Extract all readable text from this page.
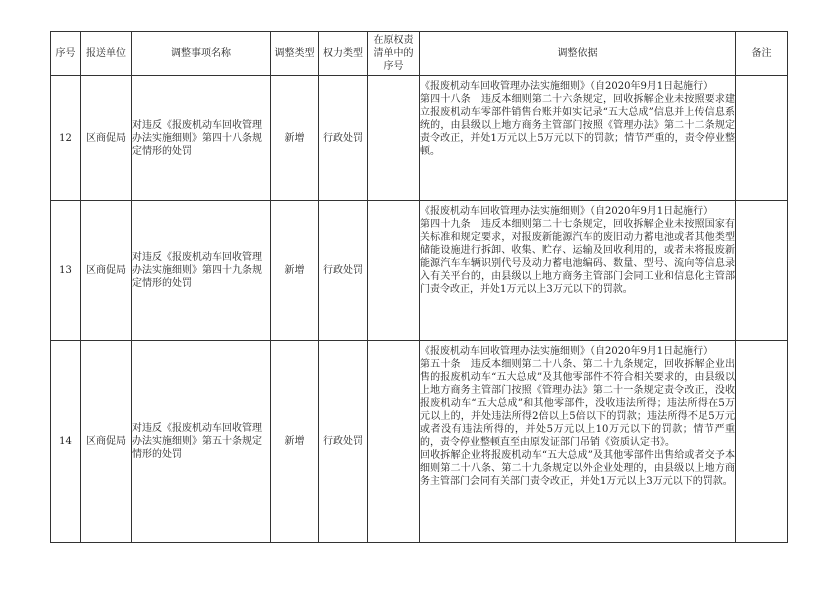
序号	报送单位	调整事项名称	调整类型	权力类型	在原权责清单中的序号	调整依据	备注
12	区商促局	对违反《报废机动车回收管理办法实施细则》第四十八条规定情形的处罚	新增	行政处罚		《报废机动车回收管理办法实施细则》（自2020年9月1日起施行）

第四十八条　违反本细则第二十六条规定，回收拆解企业未按照要求建立报废机动车零部件销售台账并如实记录“五大总成”信息并上传信息系统的，由县级以上地方商务主管部门按照《管理办法》第二十二条规定责令改正，并处1万元以上5万元以下的罚款；情节严重的，责令停业整顿。	

13	区商促局	对违反《报废机动车回收管理办法实施细则》第四十九条规定情形的处罚	新增	行政处罚		《报废机动车回收管理办法实施细则》（自2020年9月1日起施行）

第四十九条　违反本细则第二十七条规定，回收拆解企业未按照国家有关标准和规定要求，对报废新能源汽车的废旧动力蓄电池或者其他类型储能设施进行拆卸、收集、贮存、运输及回收利用的，或者未将报废新能源汽车车辆识别代号及动力蓄电池编码、数量、型号、流向等信息录入有关平台的，由县级以上地方商务主管部门会同工业和信息化主管部门责令改正，并处1万元以上3万元以下的罚款。	

14	区商促局	对违反《报废机动车回收管理办法实施细则》第五十条规定情形的处罚	新增	行政处罚		《报废机动车回收管理办法实施细则》（自2020年9月1日起施行）

第五十条　违反本细则第二十八条、第二十九条规定，回收拆解企业出售的报废机动车“五大总成”及其他零部件不符合相关要求的，由县级以上地方商务主管部门按照《管理办法》第二十一条规定责令改正，没收报废机动车“五大总成”和其他零部件，没收违法所得；违法所得在5万元以上的，并处违法所得2倍以上5倍以下的罚款；违法所得不足5万元或者没有违法所得的，并处5万元以上10万元以下的罚款；情节严重的，责令停业整顿直至由原发证部门吊销《资质认定书》。

回收拆解企业将报废机动车“五大总成”及其他零部件出售给或者交予本细则第二十八条、第二十九条规定以外企业处理的，由县级以上地方商务主管部门会同有关部门责令改正，并处1万元以上3万元以下的罚款。	
